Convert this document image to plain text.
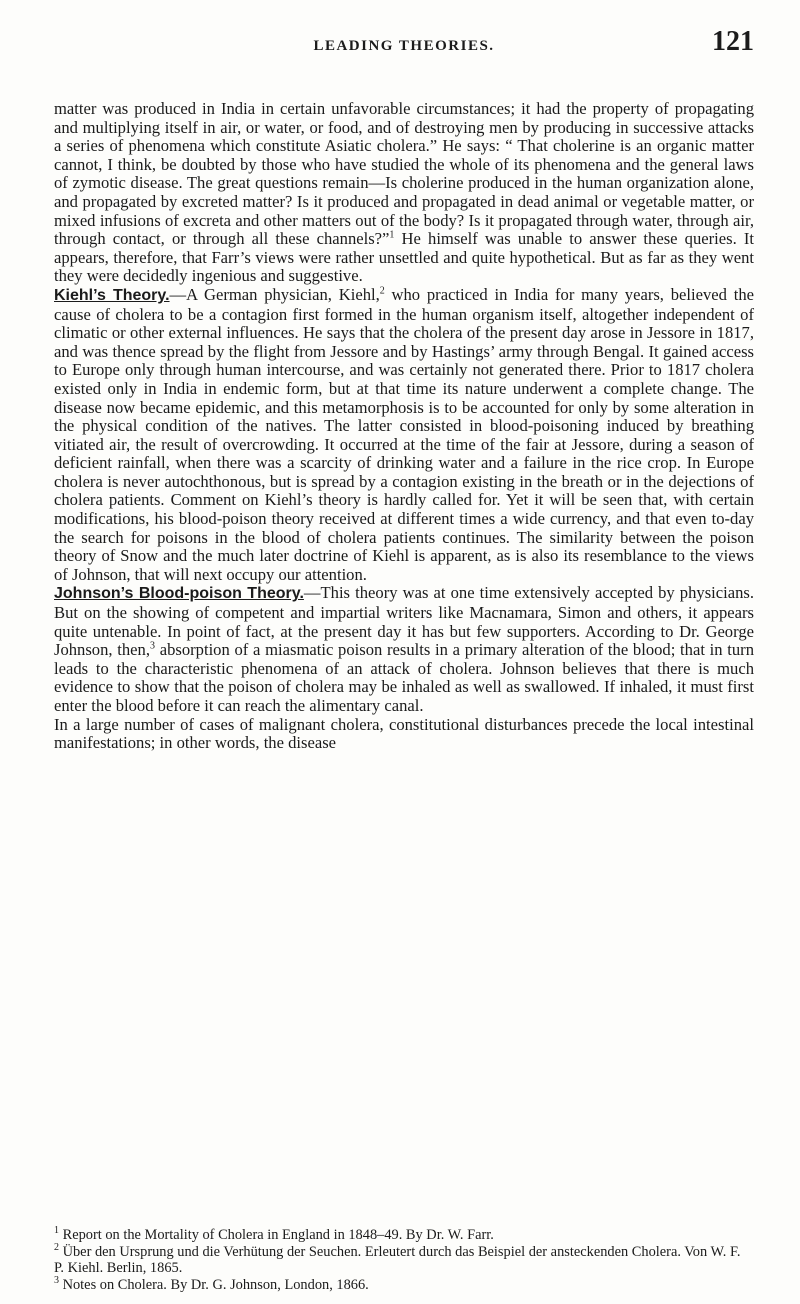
LEADING THEORIES.	121

matter was produced in India in certain unfavorable circumstances; it had the property of propagating and multiplying itself in air, or water, or food, and of destroying men by producing in successive attacks a series of phenomena which constitute Asiatic cholera.” He says: “ That cholerine is an organic matter cannot, I think, be doubted by those who have studied the whole of its phenomena and the general laws of zymotic disease. The great questions remain—Is cholerine produced in the human organization alone, and propagated by excreted matter? Is it produced and propagated in dead animal or vegetable matter, or mixed infusions of excreta and other matters out of the body? Is it propagated through water, through air, through contact, or through all these channels?”$^1$ He himself was unable to answer these queries. It appears, therefore, that Farr’s views were rather unsettled and quite hypothetical. But as far as they went they were decidedly ingenious and suggestive.

Kiehl’s Theory.—A German physician, Kiehl,$^2$ who practiced in India for many years, believed the cause of cholera to be a contagion first formed in the human organism itself, altogether independent of climatic or other external influences. He says that the cholera of the present day arose in Jessore in 1817, and was thence spread by the flight from Jessore and by Hastings’ army through Bengal. It gained access to Europe only through human intercourse, and was certainly not generated there. Prior to 1817 cholera existed only in India in endemic form, but at that time its nature underwent a complete change. The disease now became epidemic, and this metamorphosis is to be accounted for only by some alteration in the physical condition of the natives. The latter consisted in blood-poisoning induced by breathing vitiated air, the result of overcrowding. It occurred at the time of the fair at Jessore, during a season of deficient rainfall, when there was a scarcity of drinking water and a failure in the rice crop. In Europe cholera is never autochthonous, but is spread by a contagion existing in the breath or in the dejections of cholera patients. Comment on Kiehl’s theory is hardly called for. Yet it will be seen that, with certain modifications, his blood-poison theory received at different times a wide currency, and that even to-day the search for poisons in the blood of cholera patients continues. The similarity between the poison theory of Snow and the much later doctrine of Kiehl is apparent, as is also its resemblance to the views of Johnson, that will next occupy our attention.

Johnson’s Blood-poison Theory.—This theory was at one time extensively accepted by physicians. But on the showing of competent and impartial writers like Macnamara, Simon and others, it appears quite untenable. In point of fact, at the present day it has but few supporters. According to Dr. George Johnson, then,$^3$ absorption of a miasmatic poison results in a primary alteration of the blood; that in turn leads to the characteristic phenomena of an attack of cholera. Johnson believes that there is much evidence to show that the poison of cholera may be inhaled as well as swallowed. If inhaled, it must first enter the blood before it can reach the alimentary canal.

In a large number of cases of malignant cholera, constitutional disturbances precede the local intestinal manifestations; in other words, the disease

$^1$ Report on the Mortality of Cholera in England in 1848–49. By Dr. W. Farr.
$^2$ Über den Ursprung und die Verhütung der Seuchen. Erleutert durch das Beispiel der ansteckenden Cholera. Von W. F. P. Kiehl. Berlin, 1865.
$^3$ Notes on Cholera. By Dr. G. Johnson, London, 1866.
